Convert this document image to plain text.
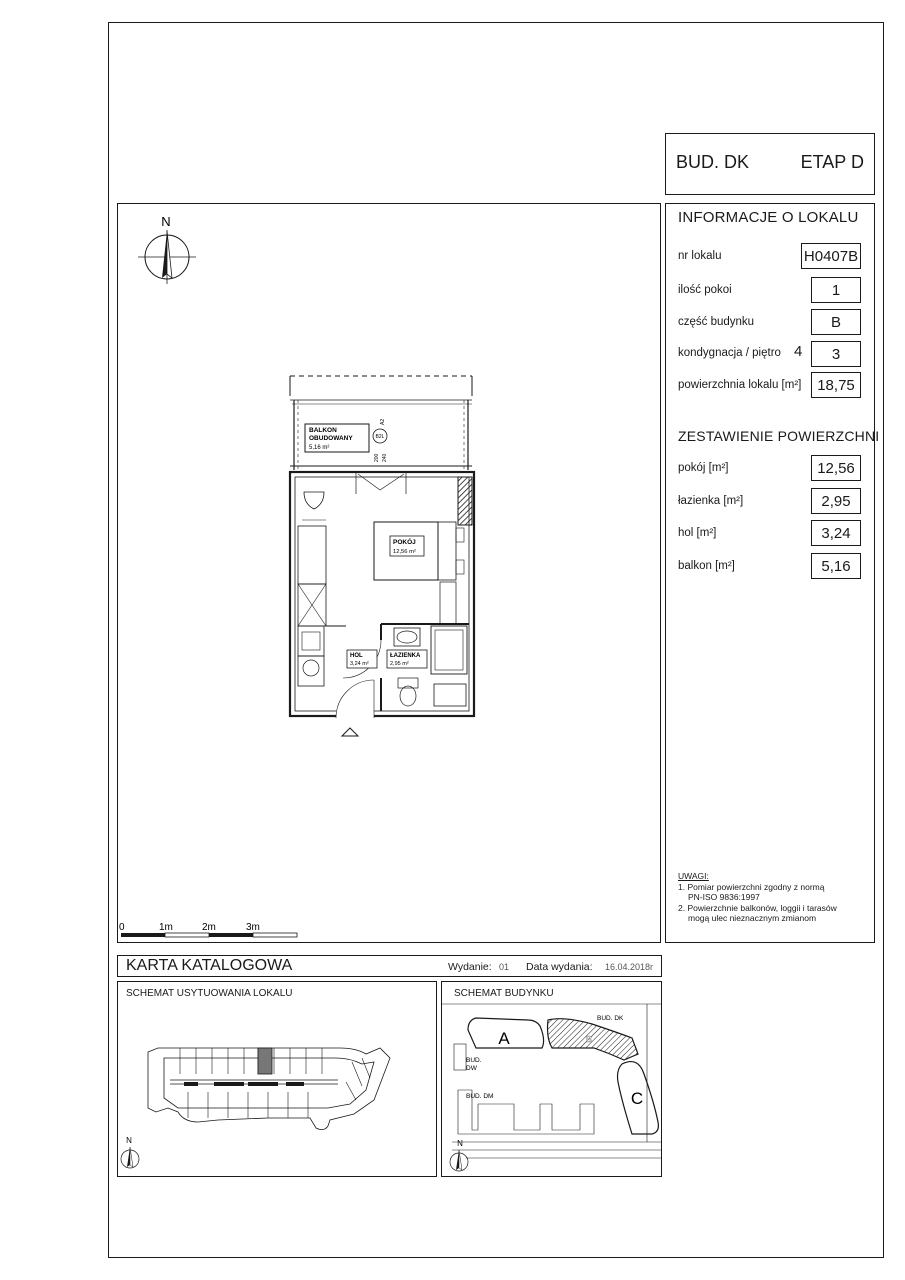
BUD. DK	ETAP D
INFORMACJE O LOKALU
nr lokalu	H0407B
ilość pokoi	1
część budynku	B
kondygnacja / piętro 4	3
powierzchnia lokalu [m²]	18,75
ZESTAWIENIE POWIERZCHNI
pokój [m²]	12,56
łazienka [m²]	2,95
hol [m²]	3,24
balkon [m²]	5,16
UWAGI:
1. Pomiar powierzchni zgodny z normą
PN-ISO 9836:1997
2. Powierzchnie balkonów, loggii i tarasów
mogą ulec nieznacznym zmianom
N
BALKON
OBUDOWANY
5,16 m²
B2L
A2
200 240
POKÓJ
12,56 m²
HOL
3,24 m²
ŁAZIENKA
2,95 m²
0	1m	2m	3m
KARTA KATALOGOWA	Wydanie: 01 Data wydania: 16.04.2018r
SCHEMAT USYTUOWANIA LOKALU
N
SCHEMAT BUDYNKU
A
BUD. DK
B
C
BUD.
DW
BUD. DM
N
